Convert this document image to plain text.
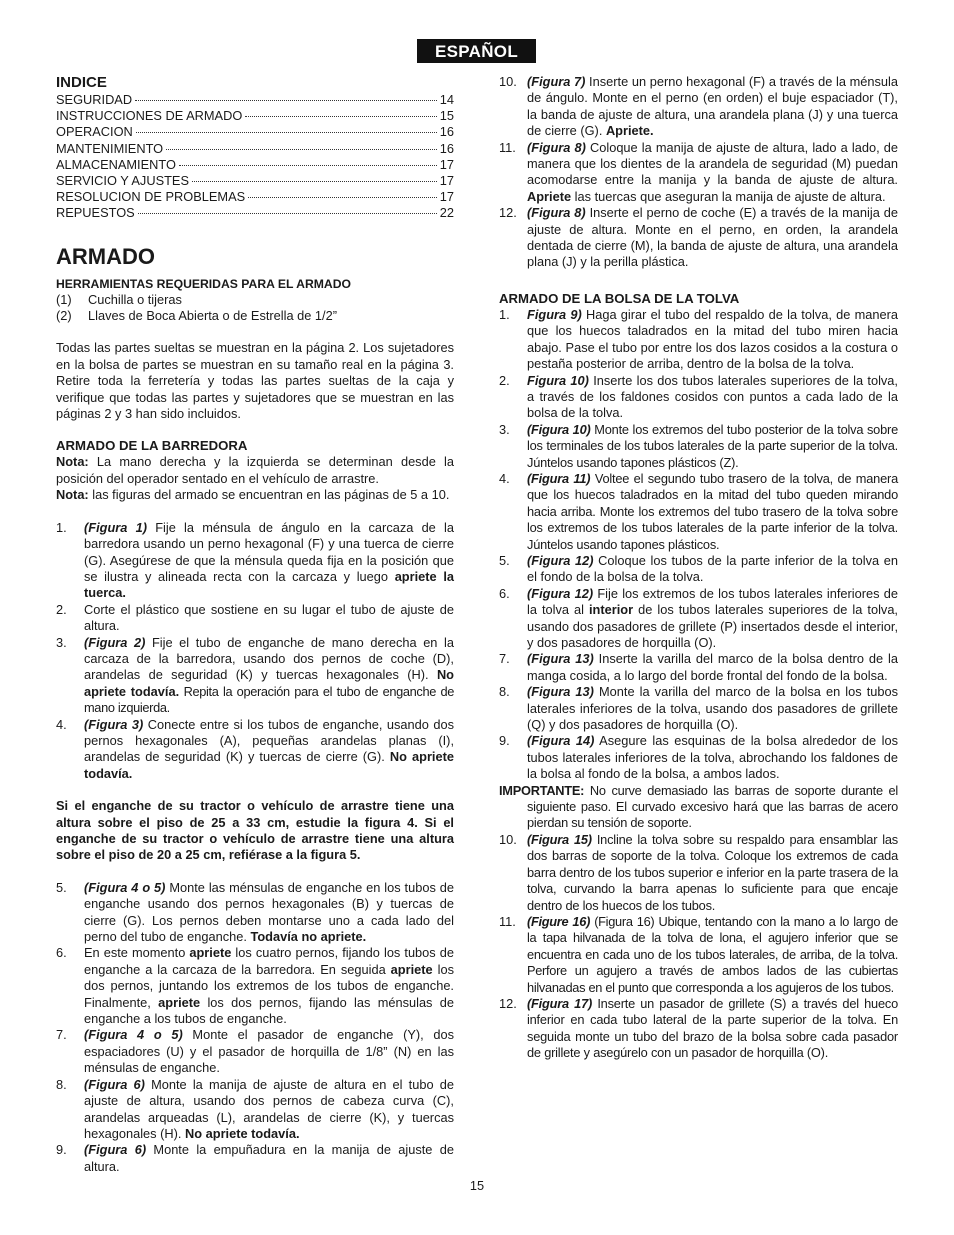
ESPAÑOL
INDICE
SEGURIDAD	14
INSTRUCCIONES DE ARMADO	15
OPERACION	16
MANTENIMIENTO	16
ALMACENAMIENTO	17
SERVICIO Y AJUSTES	17
RESOLUCION DE PROBLEMAS	17
REPUESTOS	22
ARMADO
HERRAMIENTAS REQUERIDAS PARA EL ARMADO
(1)	Cuchilla o tijeras
(2)	Llaves de Boca Abierta o de Estrella de 1/2”

Todas las partes sueltas se muestran en la página 2. Los sujetadores en la bolsa de partes se muestran en su tamaño real en la página 3. Retire toda la ferretería y todas las partes sueltas de la caja y verifique que todas las partes y sujetadores que se muestran en las páginas 2 y 3 han sido incluidos.

ARMADO DE LA BARREDORA

Nota: La mano derecha y la izquierda se determinan desde la posición del operador sentado en el vehículo de arrastre.

Nota: las figuras del armado se encuentran en las páginas de 5 a 10.

1.	(Figura 1) Fije la ménsula de ángulo en la carcaza de la barredora usando un perno hexagonal (F) y una tuerca de cierre (G). Asegúrese de que la ménsula queda fija en la posición que se ilustra y alineada recta con la carcaza y luego apriete la tuerca.
2.	Corte el plástico que sostiene en su lugar el tubo de ajuste de altura.
3.	(Figura 2) Fije el tubo de enganche de mano derecha en la carcaza de la barredora, usando dos pernos de coche (D), arandelas de seguridad (K) y tuercas hexagonales (H). No apriete todavía. Repita la operación para el tubo de enganche de mano izquierda.
4.	(Figura 3) Conecte entre si los tubos de enganche, usando dos pernos hexagonales (A), pequeñas arandelas planas (I), arandelas de seguridad (K) y tuercas de cierre (G). No apriete todavía.

Si el enganche de su tractor o vehículo de arrastre tiene una altura sobre el piso de 25 a 33 cm, estudie la figura 4. Si el enganche de su tractor o vehículo de arrastre tiene una altura sobre el piso de 20 a 25 cm, refiérase a la figura 5.

5.	(Figura 4 o 5) Monte las ménsulas de enganche en los tubos de enganche usando dos pernos hexagonales (B) y tuercas de cierre (G). Los pernos deben montarse uno a cada lado del perno del tubo de enganche. Todavía no apriete.
6.	En este momento apriete los cuatro pernos, fijando los tubos de enganche a la carcaza de la barredora. En seguida apriete los dos pernos, juntando los extremos de los tubos de enganche. Finalmente, apriete los dos pernos, fijando las ménsulas de enganche a los tubos de enganche.
7.	(Figura 4 o 5) Monte el pasador de enganche (Y), dos espaciadores (U) y el pasador de horquilla de 1/8” (N) en las ménsulas de enganche.
8.	(Figura 6) Monte la manija de ajuste de altura en el tubo de ajuste de altura, usando dos pernos de cabeza curva (C), arandelas arqueadas (L), arandelas de cierre (K), y tuercas hexagonales (H). No apriete todavía.
9.	(Figura 6) Monte la empuñadura en la manija de ajuste de altura.
10. (Figura 7) Inserte un perno hexagonal (F) a través de la ménsula de ángulo. Monte en el perno (en orden) el buje espaciador (T), la banda de ajuste de altura, una arandela plana (J) y una tuerca de cierre (G). Apriete.
11. (Figura 8) Coloque la manija de ajuste de altura, lado a lado, de manera que los dientes de la arandela de seguridad (M) puedan acomodarse entre la manija y la banda de ajuste de altura. Apriete las tuercas que aseguran la manija de ajuste de altura.
12. (Figura 8) Inserte el perno de coche (E) a través de la manija de ajuste de altura. Monte en el perno, en orden, la arandela dentada de cierre (M), la banda de ajuste de altura, una arandela plana (J) y la perilla plástica.
ARMADO DE LA BOLSA DE LA TOLVA
1.	Figura 9) Haga girar el tubo del respaldo de la tolva, de manera que los huecos taladrados en la mitad del tubo miren hacia abajo. Pase el tubo por entre los dos lazos cosidos a la costura o pestaña posterior de arriba, dentro de la bolsa de la tolva.
2.	Figura 10) Inserte los dos tubos laterales superiores de la tolva, a través de los faldones cosidos con puntos a cada lado de la bolsa de la tolva.
3.	(Figura 10) Monte los extremos del tubo posterior de la tolva sobre los terminales de los tubos laterales de la parte superior de la tolva. Júntelos usando tapones plásticos (Z).
4.	(Figura 11) Voltee el segundo tubo trasero de la tolva, de manera que los huecos taladrados en la mitad del tubo queden mirando hacia arriba. Monte los extremos del tubo trasero de la tolva sobre los extremos de los tubos laterales de la parte inferior de la tolva. Júntelos usando tapones plásticos.
5.	(Figura 12) Coloque los tubos de la parte inferior de la tolva en el fondo de la bolsa de la tolva.
6.	(Figura 12) Fije los extremos de los tubos laterales inferiores de la tolva al interior de los tubos laterales superiores de la tolva, usando dos pasadores de grillete (P) insertados desde el interior, y dos pasadores de horquilla (O).
7.	(Figura 13) Inserte la varilla del marco de la bolsa dentro de la manga cosida, a lo largo del borde frontal del fondo de la bolsa.
8.	(Figura 13) Monte la varilla del marco de la bolsa en los tubos laterales inferiores de la tolva, usando dos pasadores de grillete (Q) y dos pasadores de horquilla (O).
9.	(Figura 14) Asegure las esquinas de la bolsa alrededor de los tubos laterales inferiores de la tolva, abrochando los faldones de la bolsa al fondo de la bolsa, a ambos lados.

IMPORTANTE: No curve demasiado las barras de soporte durante el siguiente paso. El curvado excesivo hará que las barras de acero pierdan su tensión de soporte.

10. (Figura 15) Incline la tolva sobre su respaldo para ensamblar las dos barras de soporte de la tolva. Coloque los extremos de cada barra dentro de los tubos superior e inferior en la parte trasera de la tolva, curvando la barra apenas lo suficiente para que encaje dentro de los huecos de los tubos.
11. (Figure 16) (Figura 16) Ubique, tentando con la mano a lo largo de la tapa hilvanada de la tolva de lona, el agujero inferior que se encuentra en cada uno de los tubos laterales, de arriba, de la tolva. Perfore un agujero a través de ambos lados de las cubiertas hilvanadas en el punto que corresponda a los agujeros de los tubos.
12. (Figura 17) Inserte un pasador de grillete (S) a través del hueco inferior en cada tubo lateral de la parte superior de la tolva. En seguida monte un tubo del brazo de la bolsa sobre cada pasador de grillete y asegúrelo con un pasador de horquilla (O).
15
